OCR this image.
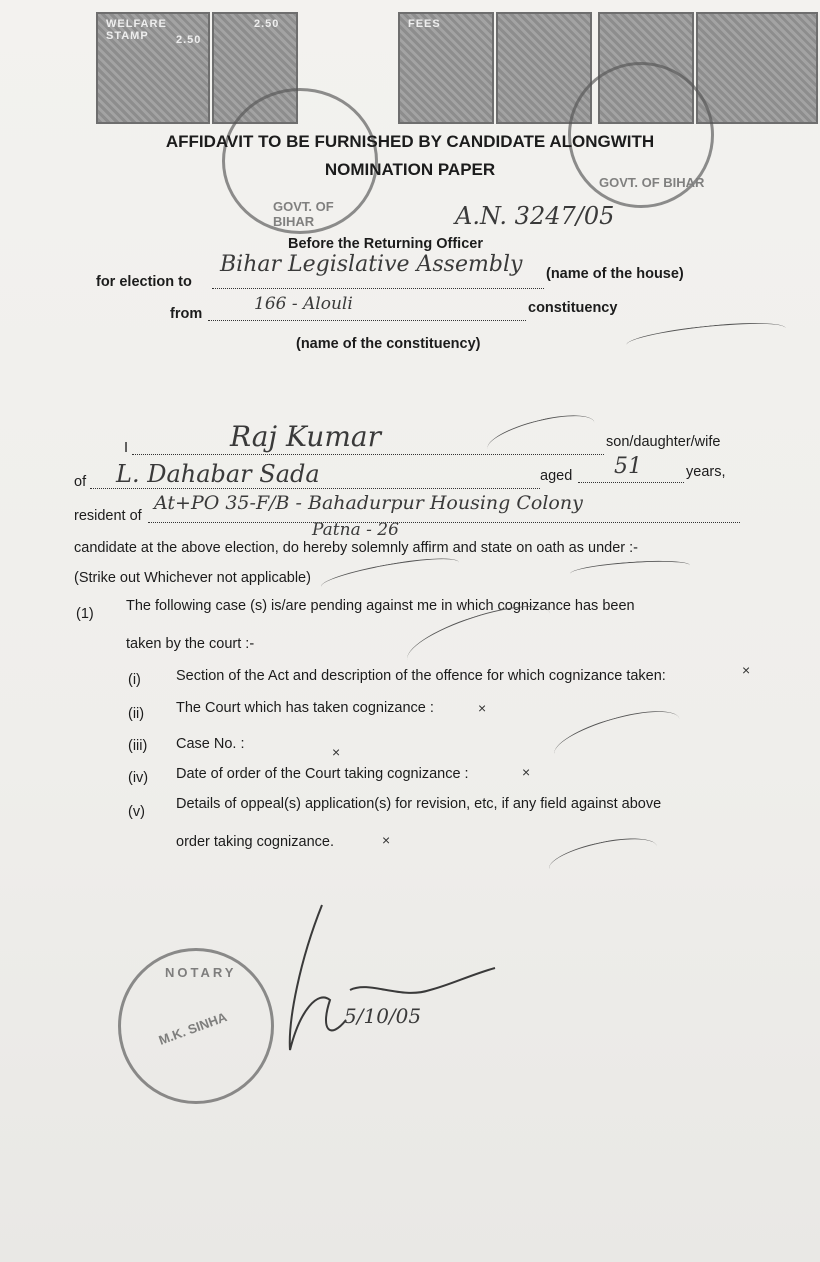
WELFARE STAMP	2.50
2.50	FEES
GOVT. OF BIHAR
GOVT. OF BIHAR
AFFIDAVIT TO BE FURNISHED BY CANDIDATE ALONGWITH
NOMINATION PAPER
A.N. 3247/05
Before the Returning Officer
for election to
Bihar Legislative Assembly (name of the house)
from	166 - Alouli	constituency
(name of the constituency)
I	Raj Kumar	son/daughter/wife
of L. Dahabar Sada	aged 51	years,
resident of
At+PO 35-F/B - Bahadurpur Housing Colony
Patna - 26
candidate at the above election, do hereby solemnly affirm and state on oath as under :-
(Strike out Whichever not applicable)
(1) The following case (s) is/are pending against me in which cognizance has been
taken by the court :-
(i) Section of the Act and description of the offence for which cognizance taken:	×
(ii) The Court which has taken cognizance :	×
(iii) Case No. :	×
(iv) Date of order of the Court taking cognizance :	×
(v) Details of oppeal(s) application(s) for revision, etc, if any field against above
order taking cognizance.	×
NOTARY
M.K. SINHA	5/10/05
